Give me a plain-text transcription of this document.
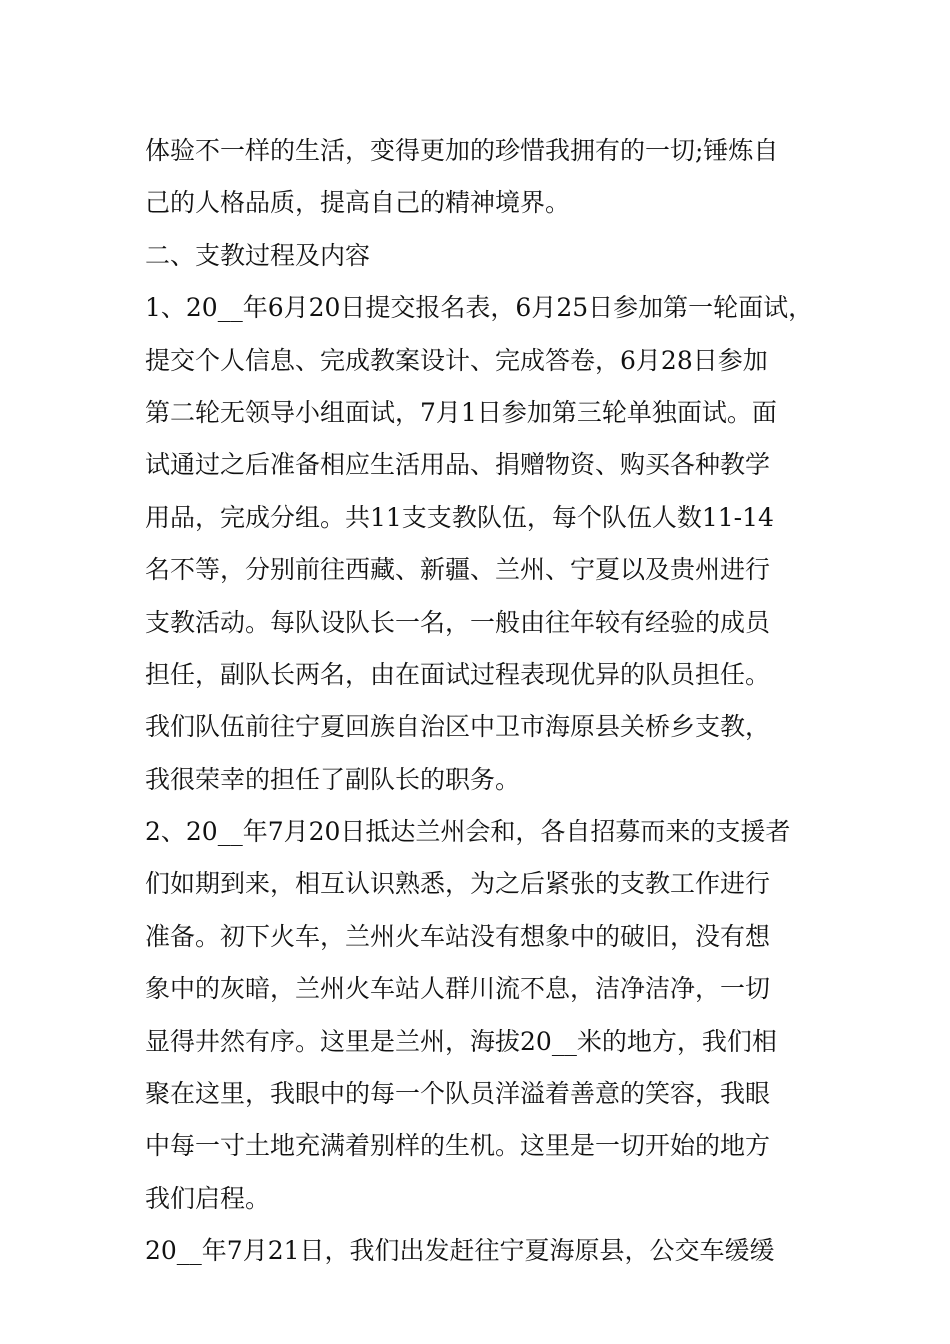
体验不一样的生活，变得更加的珍惜我拥有的一切;锤炼自
己的人格品质，提高自己的精神境界。
二、支教过程及内容
1、20__年6月20日提交报名表，6月25日参加第一轮面试，
提交个人信息、完成教案设计、完成答卷，6月28日参加
第二轮无领导小组面试，7月1日参加第三轮单独面试。面
试通过之后准备相应生活用品、捐赠物资、购买各种教学
用品，完成分组。共11支支教队伍，每个队伍人数11-14
名不等，分别前往西藏、新疆、兰州、宁夏以及贵州进行
支教活动。每队设队长一名，一般由往年较有经验的成员
担任，副队长两名，由在面试过程表现优异的队员担任。
我们队伍前往宁夏回族自治区中卫市海原县关桥乡支教，
我很荣幸的担任了副队长的职务。
2、20__年7月20日抵达兰州会和，各自招募而来的支援者
们如期到来，相互认识熟悉，为之后紧张的支教工作进行
准备。初下火车，兰州火车站没有想象中的破旧，没有想
象中的灰暗，兰州火车站人群川流不息，洁净洁净，一切
显得井然有序。这里是兰州，海拔20__米的地方，我们相
聚在这里，我眼中的每一个队员洋溢着善意的笑容，我眼
中每一寸土地充满着别样的生机。这里是一切开始的地方
我们启程。
20__年7月21日，我们出发赶往宁夏海原县，公交车缓缓
